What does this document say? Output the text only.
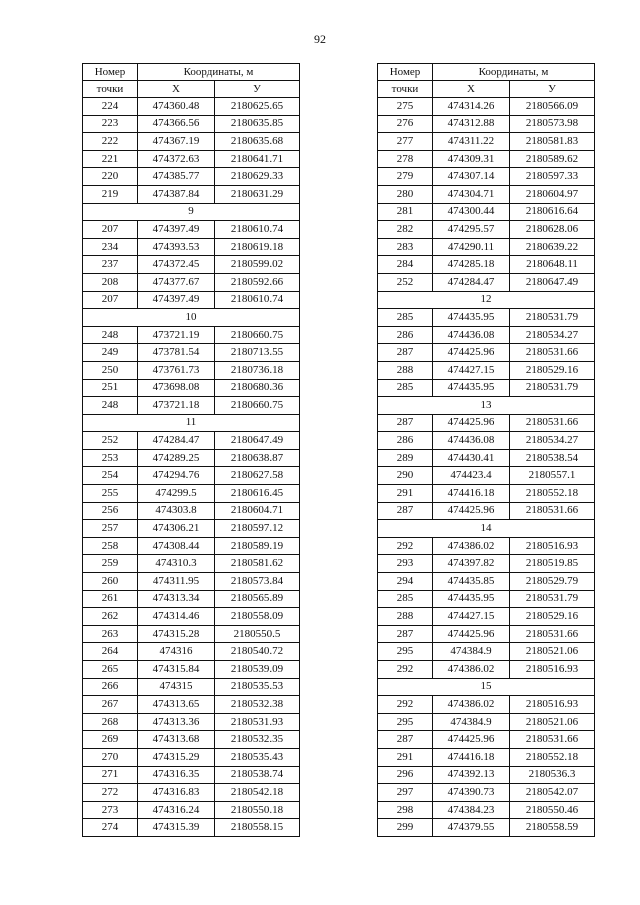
92
Номер	Координаты, м	
точки	X	У
224	474360.48	2180625.65
223	474366.56	2180635.85
222	474367.19	2180635.68
221	474372.63	2180641.71
220	474385.77	2180629.33
219	474387.84	2180631.29
9		
207	474397.49	2180610.74
234	474393.53	2180619.18
237	474372.45	2180599.02
208	474377.67	2180592.66
207	474397.49	2180610.74
10		
248	473721.19	2180660.75
249	473781.54	2180713.55
250	473761.73	2180736.18
251	473698.08	2180680.36
248	473721.18	2180660.75
11		
252	474284.47	2180647.49
253	474289.25	2180638.87
254	474294.76	2180627.58
255	474299.5	2180616.45
256	474303.8	2180604.71
257	474306.21	2180597.12
258	474308.44	2180589.19
259	474310.3	2180581.62
260	474311.95	2180573.84
261	474313.34	2180565.89
262	474314.46	2180558.09
263	474315.28	2180550.5
264	474316	2180540.72
265	474315.84	2180539.09
266	474315	2180535.53
267	474313.65	2180532.38
268	474313.36	2180531.93
269	474313.68	2180532.35
270	474315.29	2180535.43
271	474316.35	2180538.74
272	474316.83	2180542.18
273	474316.24	2180550.18
274	474315.39	2180558.15
Номер	Координаты, м	
точки	X	У
275	474314.26	2180566.09
276	474312.88	2180573.98
277	474311.22	2180581.83
278	474309.31	2180589.62
279	474307.14	2180597.33
280	474304.71	2180604.97
281	474300.44	2180616.64
282	474295.57	2180628.06
283	474290.11	2180639.22
284	474285.18	2180648.11
252	474284.47	2180647.49
12		
285	474435.95	2180531.79
286	474436.08	2180534.27
287	474425.96	2180531.66
288	474427.15	2180529.16
285	474435.95	2180531.79
13		
287	474425.96	2180531.66
286	474436.08	2180534.27
289	474430.41	2180538.54
290	474423.4	2180557.1
291	474416.18	2180552.18
287	474425.96	2180531.66
14		
292	474386.02	2180516.93
293	474397.82	2180519.85
294	474435.85	2180529.79
285	474435.95	2180531.79
288	474427.15	2180529.16
287	474425.96	2180531.66
295	474384.9	2180521.06
292	474386.02	2180516.93
15		
292	474386.02	2180516.93
295	474384.9	2180521.06
287	474425.96	2180531.66
291	474416.18	2180552.18
296	474392.13	2180536.3
297	474390.73	2180542.07
298	474384.23	2180550.46
299	474379.55	2180558.59
